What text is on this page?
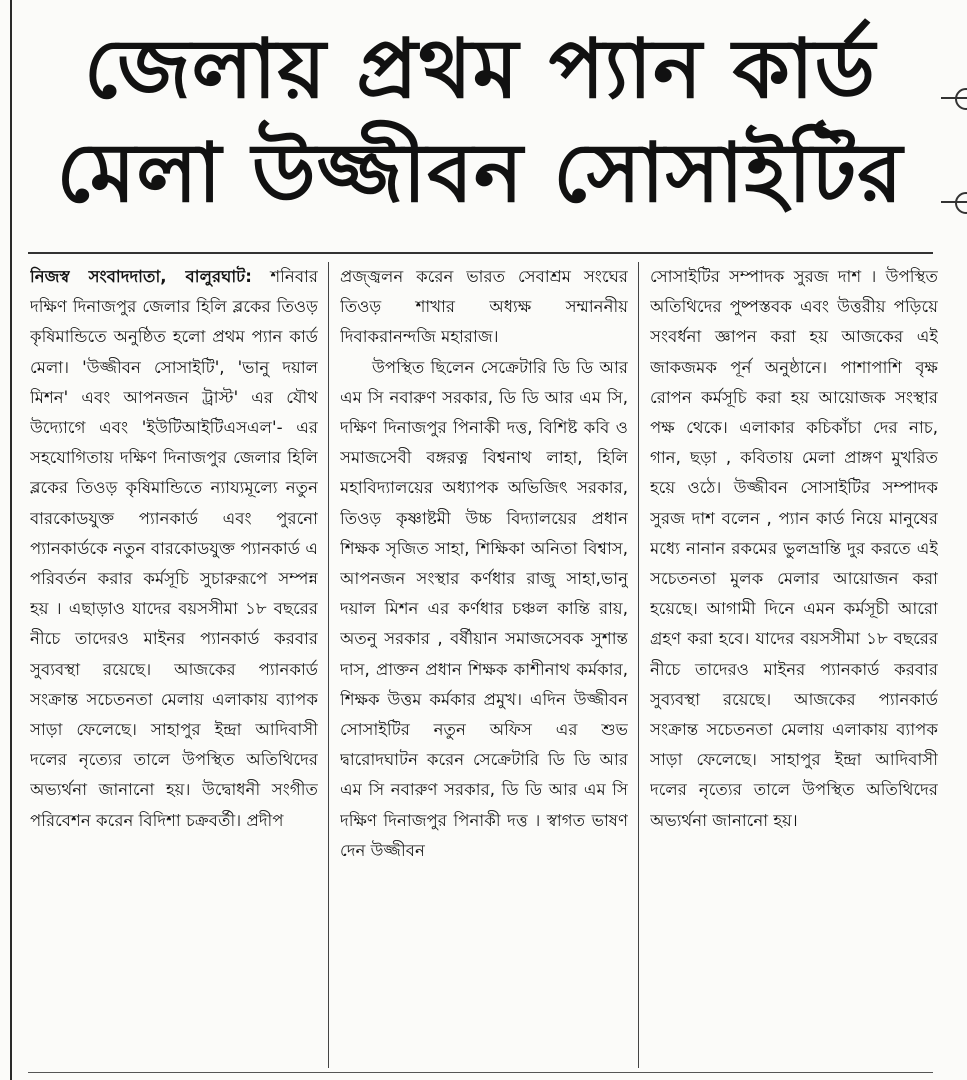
জেলায় প্রথম প্যান কার্ড
মেলা উজ্জীবন সোসাইটির

নিজস্ব সংবাদদাতা, বালুরঘাট: শনিবার দক্ষিণ দিনাজপুর জেলার হিলি ব্লকের তিওড় কৃষিমান্ডিতে অনুষ্ঠিত হলো প্রথম প্যান কার্ড মেলা। 'উজ্জীবন সোসাইটি', 'ভানু দয়াল মিশন' এবং আপনজন ট্রাস্ট' এর যৌথ উদ্যোগে এবং 'ইউটিআইটিএসএল'- এর সহযোগিতায় দক্ষিণ দিনাজপুর জেলার হিলি ব্লকের তিওড় কৃষিমান্ডিতে ন্যায্যমূল্যে নতুন বারকোডযুক্ত প্যানকার্ড এবং পুরনো প্যানকার্ডকে নতুন বারকোডযুক্ত প্যানকার্ড এ পরিবর্তন করার কর্মসূচি সুচারুরূপে সম্পন্ন হয় । এছাড়াও যাদের বয়সসীমা ১৮ বছরের নীচে তাদেরও মাইনর প্যানকার্ড করবার সুব্যবস্থা রয়েছে। আজকের প্যানকার্ড সংক্রান্ত সচেতনতা মেলায় এলাকায় ব্যাপক সাড়া ফেলেছে। সাহাপুর ইন্দ্রা আদিবাসী দলের নৃত্যের তালে উপস্থিত অতিথিদের অভ্যর্থনা জানানো হয়। উদ্বোধনী সংগীত পরিবেশন করেন বিদিশা চক্রবর্তী। প্রদীপ

প্রজ্জ্বলন করেন ভারত সেবাশ্রম সংঘের তিওড় শাখার অধ্যক্ষ সম্মাননীয় দিবাকরানন্দজি মহারাজ।

উপস্থিত ছিলেন সেক্রেটারি ডি ডি আর এম সি নবারুণ সরকার, ডি ডি আর এম সি, দক্ষিণ দিনাজপুর পিনাকী দত্ত, বিশিষ্ট কবি ও সমাজসেবী বঙ্গরত্ন বিশ্বনাথ লাহা, হিলি মহাবিদ্যালয়ের অধ্যাপক অভিজিৎ সরকার, তিওড় কৃষ্ণাষ্টমী উচ্চ বিদ্যালয়ের প্রধান শিক্ষক সৃজিত সাহা, শিক্ষিকা অনিতা বিশ্বাস, আপনজন সংস্থার কর্ণধার রাজু সাহা,ভানু দয়াল মিশন এর কর্ণধার চঞ্চল কান্তি রায়, অতনু সরকার , বর্ষীয়ান সমাজসেবক সুশান্ত দাস, প্রাক্তন প্রধান শিক্ষক কাশীনাথ কর্মকার, শিক্ষক উত্তম কর্মকার প্রমুখ। এদিন উজ্জীবন সোসাইটির নতুন অফিস এর শুভ দ্বারোদঘাটন করেন সেক্রেটারি ডি ডি আর এম সি নবারুণ সরকার, ডি ডি আর এম সি দক্ষিণ দিনাজপুর পিনাকী দত্ত । স্বাগত ভাষণ দেন উজ্জীবন

সোসাইটির সম্পাদক সুরজ দাশ । উপস্থিত অতিথিদের পুষ্পস্তবক এবং উত্তরীয় পড়িয়ে সংবর্ধনা জ্ঞাপন করা হয় আজকের এই জাকজমক পূর্ন অনুষ্ঠানে। পাশাপাশি বৃক্ষ রোপন কর্মসূচি করা হয় আয়োজক সংস্থার পক্ষ থেকে। এলাকার কচিকাঁচা দের নাচ, গান, ছড়া , কবিতায় মেলা প্রাঙ্গণ মুখরিত হয়ে ওঠে। উজ্জীবন সোসাইটির সম্পাদক সুরজ দাশ বলেন , প্যান কার্ড নিয়ে মানুষের মধ্যে নানান রকমের ভুলভ্রান্তি দুর করতে এই সচেতনতা মুলক মেলার আয়োজন করা হয়েছে। আগামী দিনে এমন কর্মসূচী আরো গ্রহণ করা হবে। যাদের বয়সসীমা ১৮ বছরের নীচে তাদেরও মাইনর প্যানকার্ড করবার সুব্যবস্থা রয়েছে। আজকের প্যানকার্ড সংক্রান্ত সচেতনতা মেলায় এলাকায় ব্যাপক সাড়া ফেলেছে। সাহাপুর ইন্দ্রা আদিবাসী দলের নৃত্যের তালে উপস্থিত অতিথিদের অভ্যর্থনা জানানো হয়।
